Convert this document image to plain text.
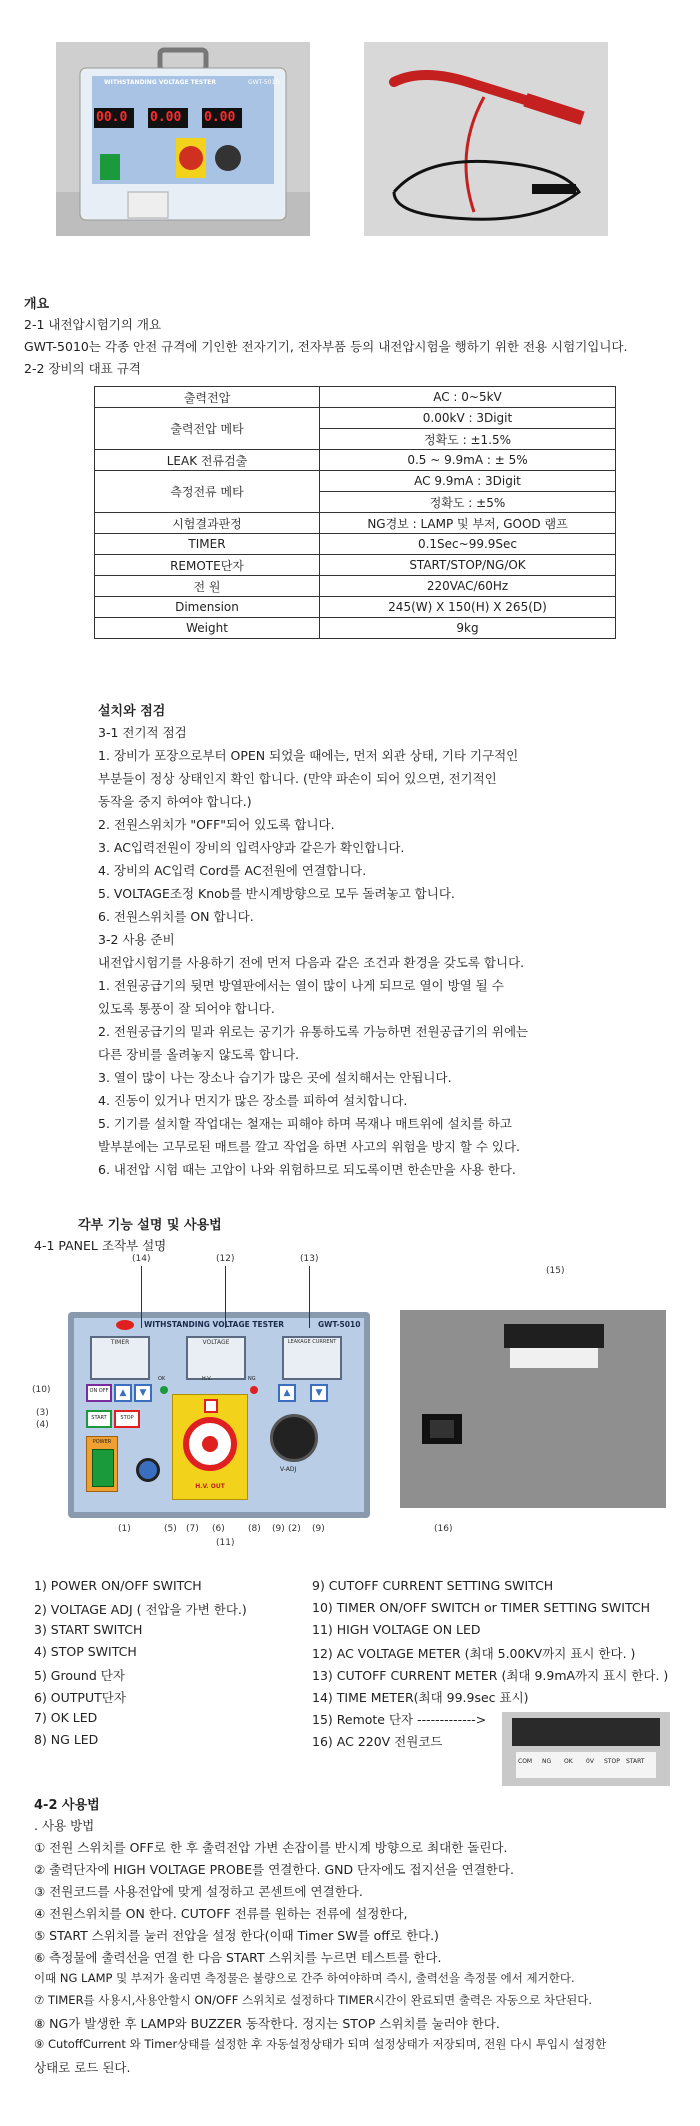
WITHSTANDING VOLTAGE TESTER	GWT-5010
00.0 0.00 0.00
개요
2-1 내전압시험기의 개요
GWT-5010는 각종 안전 규격에 기인한 전자기기, 전자부품 등의 내전압시험을 행하기 위한 전용 시험기입니다.
2-2 장비의 대표 규격
출력전압	AC : 0~5kV
출력전압 메타	0.00kV : 3Digit
	정확도 : ±1.5%
LEAK 전류검출	0.5 ~ 9.9mA : ± 5%
측정전류 메타	AC 9.9mA : 3Digit
	정확도 : ±5%
시험결과판정	NG경보 : LAMP 및 부저, GOOD 램프
TIMER	0.1Sec~99.9Sec
REMOTE단자	START/STOP/NG/OK
전 원	220VAC/60Hz
Dimension	245(W) X 150(H) X 265(D)
Weight	9kg
설치와 점검
3-1 전기적 점검
1. 장비가 포장으로부터 OPEN 되었을 때에는, 먼저 외관 상태, 기타 기구적인
부분들이 정상 상태인지 확인 합니다. (만약 파손이 되어 있으면, 전기적인
동작을 중지 하여야 합니다.)
2. 전원스위치가 "OFF"되어 있도록 합니다.
3. AC입력전원이 장비의 입력사양과 같은가 확인합니다.
4. 장비의 AC입력 Cord를 AC전원에 연결합니다.
5. VOLTAGE조정 Knob를 반시계방향으로 모두 돌려놓고 합니다.
6. 전원스위치를 ON 합니다.
3-2 사용 준비
내전압시험기를 사용하기 전에 먼저 다음과 같은 조건과 환경을 갖도록 합니다.
1. 전원공급기의 뒷면 방열판에서는 열이 많이 나게 되므로 열이 방열 될 수
있도록 통풍이 잘 되어야 합니다.
2. 전원공급기의 밑과 위로는 공기가 유통하도록 가능하면 전원공급기의 위에는
다른 장비를 올려놓지 않도록 합니다.
3. 열이 많이 나는 장소나 습기가 많은 곳에 설치해서는 안됩니다.
4. 진동이 있거나 먼지가 많은 장소를 피하여 설치합니다.
5. 기기를 설치할 작업대는 철재는 피해야 하며 목재나 매트위에 설치를 하고
발부분에는 고무로된 매트를 깔고 작업을 하면 사고의 위험을 방지 할 수 있다.
6. 내전압 시험 때는 고압이 나와 위험하므로 되도록이면 한손만을 사용 한다.
각부 기능 설명 및 사용법
4-1 PANEL 조작부 설명
WITHSTANDING VOLTAGE TESTER	GWT-5010
TIMER	VOLTAGE	LEAKAGE CURRENT
ON OFF	▲	▼
START	STOP
POWER
OK	NG
H.V.
H.V. OUT
▲	▼
V-ADJ
(14)	(12)	(13)
(15)
(10)
(3)
(4)
(1)	(5) (7) (6)	(8) (9) (2) (9)
(11)
(16)
1) POWER ON/OFF SWITCH
2) VOLTAGE ADJ ( 전압을 가변 한다.)
3) START SWITCH
4) STOP SWITCH
5) Ground 단자
6) OUTPUT단자
7) OK LED
8) NG LED
9) CUTOFF CURRENT SETTING SWITCH
10) TIMER ON/OFF SWITCH or TIMER SETTING SWITCH
11) HIGH VOLTAGE ON LED
12) AC VOLTAGE METER (최대 5.00KV까지 표시 한다. )
13) CUTOFF CURRENT METER (최대 9.9mA까지 표시 한다. )
14) TIME METER(최대 99.9sec 표시)
15) Remote 단자 ------------->
16) AC 220V 전원코드
COM NG OK 0V STOP START
4-2 사용법
. 사용 방법
① 전원 스위치를 OFF로 한 후 출력전압 가변 손잡이를 반시계 방향으로 최대한 돌린다.
② 출력단자에 HIGH VOLTAGE PROBE를 연결한다. GND 단자에도 접지선을 연결한다.
③ 전원코드를 사용전압에 맞게 설정하고 콘센트에 연결한다.
④ 전원스위치를 ON 한다. CUTOFF 전류를 원하는 전류에 설정한다,
⑤ START 스위치를 눌러 전압을 설정 한다(이때 Timer SW를 off로 한다.)
⑥ 측정물에 출력선을 연결 한 다음 START 스위치를 누르면 테스트를 한다.
이때 NG LAMP 및 부저가 울리면 측정물은 불량으로 간주 하여야하며 즉시, 출력선을 측정물 에서 제거한다.
⑦ TIMER를 사용시,사용안할시 ON/OFF 스위치로 설정하다 TIMER시간이 완료되면 출력은 자동으로 차단된다.
⑧ NG가 발생한 후 LAMP와 BUZZER 동작한다. 정지는 STOP 스위치를 눌러야 한다.
⑨ CutoffCurrent 와 Timer상태를 설정한 후 자동설정상태가 되며 설정상태가 저장되며, 전원 다시 투입시 설정한
상태로 로드 된다.
